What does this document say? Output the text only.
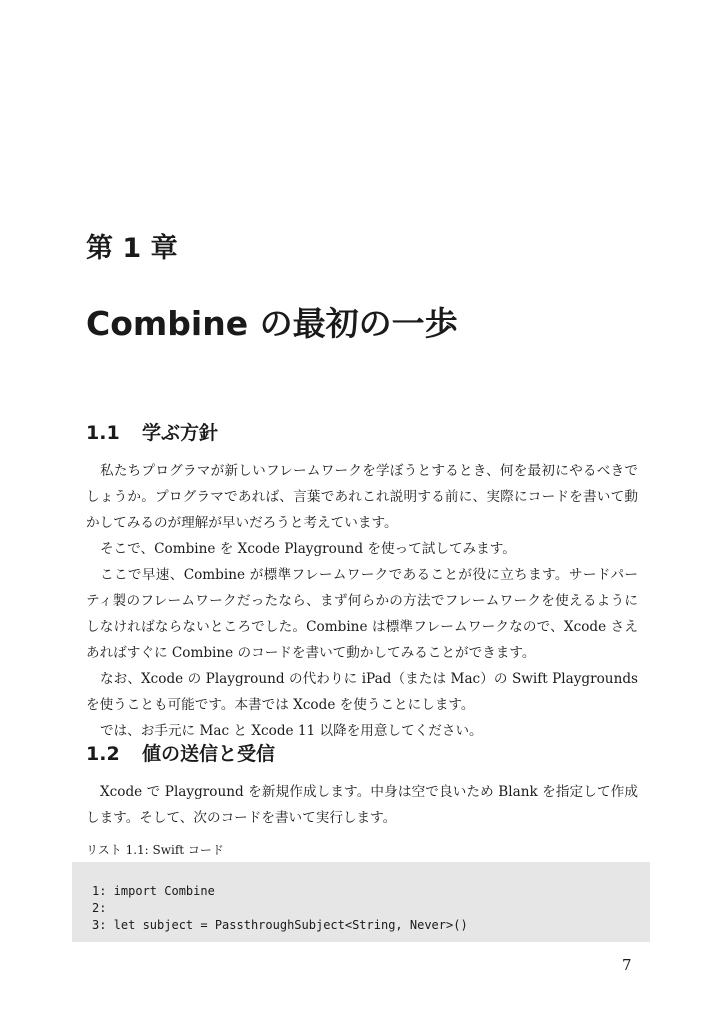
第 1 章
Combine の最初の一歩
1.1 学ぶ方針

私たちプログラマが新しいフレームワークを学ぼうとするとき、何を最初にやるべきでしょうか。プログラマであれば、言葉であれこれ説明する前に、実際にコードを書いて動かしてみるのが理解が早いだろうと考えています。

そこで、Combine を Xcode Playground を使って試してみます。

ここで早速、Combine が標準フレームワークであることが役に立ちます。サードパーティ製のフレームワークだったなら、まず何らかの方法でフレームワークを使えるようにしなければならないところでした。Combine は標準フレームワークなので、Xcode さえあればすぐに Combine のコードを書いて動かしてみることができます。

なお、Xcode の Playground の代わりに iPad（または Mac）の Swift Playgrounds を使うことも可能です。本書では Xcode を使うことにします。

では、お手元に Mac と Xcode 11 以降を用意してください。

1.2 値の送信と受信

Xcode で Playground を新規作成します。中身は空で良いため Blank を指定して作成します。そして、次のコードを書いて実行します。

リスト 1.1: Swift コード

1: import Combine
2:
3: let subject = PassthroughSubject<String, Never>()

7
